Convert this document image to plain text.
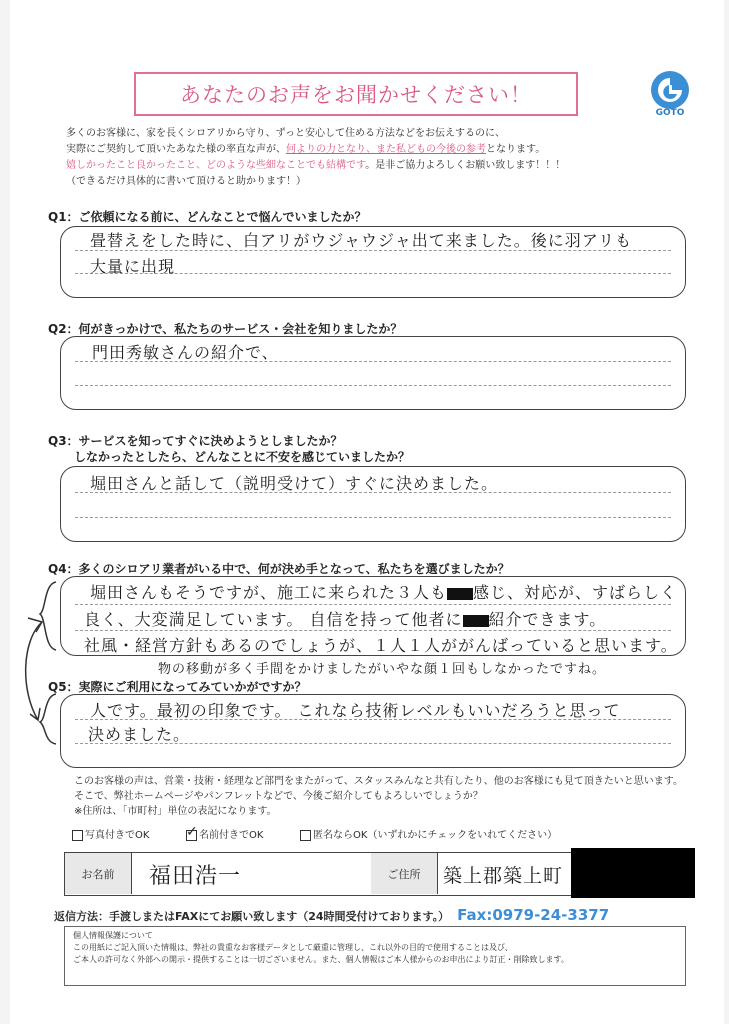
あなたのお声をお聞かせください！
GOTO
多くのお客様に、家を長くシロアリから守り、ずっと安心して住める方法などをお伝えするのに、
実際にご契約して頂いたあなた様の率直な声が、何よりの力となり、また私どもの今後の参考となります。
嬉しかったこと良かったこと、どのような些細なことでも結構です。是非ご協力よろしくお願い致します！！！
（できるだけ具体的に書いて頂けると助かります！）
Q1：ご依頼になる前に、どんなことで悩んでいましたか？
畳替えをした時に、白アリがウジャウジャ出て来ました。後に羽アリも
大量に出現
Q2：何がきっかけで、私たちのサービス・会社を知りましたか？
門田秀敏さんの紹介で、
Q3：サービスを知ってすぐに決めようとしましたか？
しなかったとしたら、どんなことに不安を感じていましたか？
堀田さんと話して（説明受けて）すぐに決めました。
Q4：多くのシロアリ業者がいる中で、何が決め手となって、私たちを選びましたか？
堀田さんもそうですが、施工に来られた３人も 感じ、対応が、すばらしく
良く、大変満足しています。 自信を持って他者に 紹介できます。
社風・経営方針もあるのでしょうが、１人１人ががんばっていると思います。
物の移動が多く手間をかけましたがいやな顔１回もしなかったですね。
Q5：実際にご利用になってみていかがですか？
人です。最初の印象です。 これなら技術レベルもいいだろうと思って
決めました。
このお客様の声は、営業・技術・経理など部門をまたがって、スタッスみんなと共有したり、他のお客様にも見て頂きたいと思います。
そこで、弊社ホームページやパンフレットなどで、今後ご紹介してもよろしいでしょうか？
※住所は、「市町村」単位の表記になります。
写真付きでOK	✓ 名前付きでOK	匿名ならOK（いずれかにチェックをいれてください）
お名前	福田浩一	ご住所	築上郡築上町
返信方法：手渡しまたはFAXにてお願い致します（24時間受付けております。） Fax:0979-24-3377
個人情報保護について
この用紙にご記入頂いた情報は、弊社の貴重なお客様データとして厳重に管理し、これ以外の目的で使用することは及び、
ご本人の許可なく外部への開示・提供することは一切ございません。また、個人情報はご本人様からのお申出により訂正・削除致します。
